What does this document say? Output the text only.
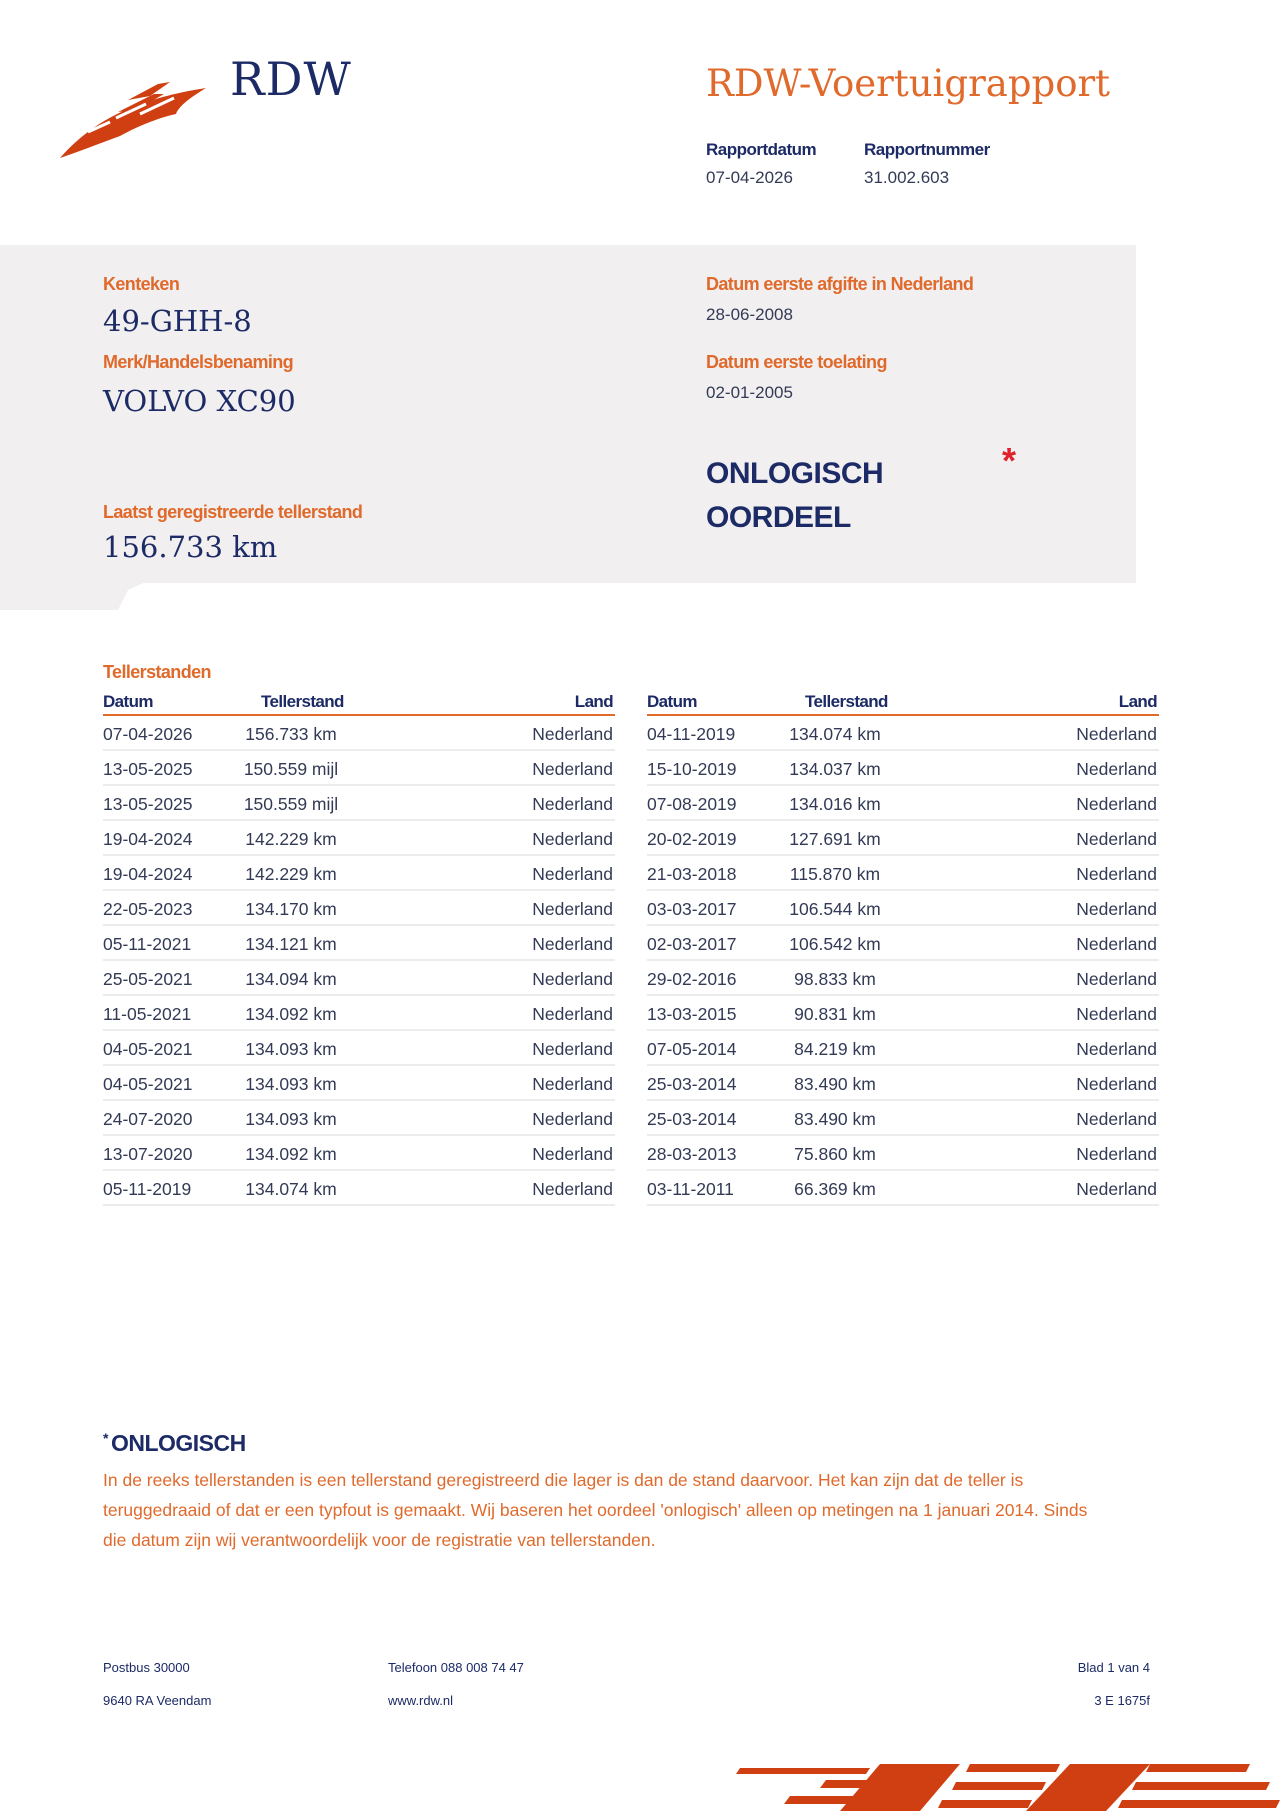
RDW	RDW-Voertuigrapport
Rapportdatum
07-04-2026
Rapportnummer
31.002.603
Kenteken
49-GHH-8
Merk/Handelsbenaming
VOLVO XC90
Laatst geregistreerde tellerstand
156.733 km
Datum eerste afgifte in Nederland
28-06-2008
Datum eerste toelating
02-01-2005
ONLOGISCH
OORDEEL
*
Tellerstanden
Datum	Tellerstand	Land
07-04-2026	156.733 km	Nederland
13-05-2025	150.559 mijl	Nederland
13-05-2025	150.559 mijl	Nederland
19-04-2024	142.229 km	Nederland
19-04-2024	142.229 km	Nederland
22-05-2023	134.170 km	Nederland
05-11-2021	134.121 km	Nederland
25-05-2021	134.094 km	Nederland
11-05-2021	134.092 km	Nederland
04-05-2021	134.093 km	Nederland
04-05-2021	134.093 km	Nederland
24-07-2020	134.093 km	Nederland
13-07-2020	134.092 km	Nederland
05-11-2019	134.074 km	Nederland
Datum	Tellerstand	Land
04-11-2019	134.074 km	Nederland
15-10-2019	134.037 km	Nederland
07-08-2019	134.016 km	Nederland
20-02-2019	127.691 km	Nederland
21-03-2018	115.870 km	Nederland
03-03-2017	106.544 km	Nederland
02-03-2017	106.542 km	Nederland
29-02-2016	98.833 km	Nederland
13-03-2015	90.831 km	Nederland
07-05-2014	84.219 km	Nederland
25-03-2014	83.490 km	Nederland
25-03-2014	83.490 km	Nederland
28-03-2013	75.860 km	Nederland
03-11-2011	66.369 km	Nederland
* ONLOGISCH
In de reeks tellerstanden is een tellerstand geregistreerd die lager is dan de stand daarvoor. Het kan zijn dat de teller is teruggedraaid of dat er een typfout is gemaakt. Wij baseren het oordeel 'onlogisch' alleen op metingen na 1 januari 2014. Sinds die datum zijn wij verantwoordelijk voor de registratie van tellerstanden.
Postbus 30000
9640 RA Veendam
Telefoon 088 008 74 47
www.rdw.nl
Blad 1 van 4
3 E 1675f
